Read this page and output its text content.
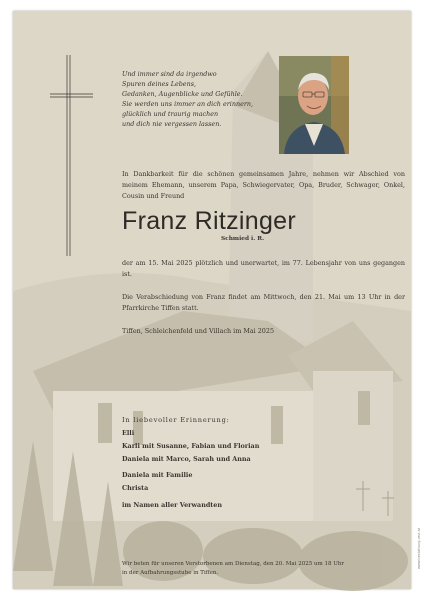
Und immer sind da irgendwo
Spuren deines Lebens,
Gedanken, Augenblicke und Gefühle.
Sie werden uns immer an dich erinnern,
glücklich und traurig machen
und dich nie vergessen lassen.
In Dankbarkeit für die schönen gemeinsamen Jahre, nehmen wir Abschied von meinem Ehemann, unserem Papa, Schwiegervater, Opa, Bruder, Schwager, Onkel, Cousin und Freund
Franz Ritzinger
Schmied i. R.
der am 15. Mai 2025 plötzlich und unerwartet, im 77. Lebensjahr von uns gegangen ist.
Die Verabschiedung von Franz findet am Mittwoch, den 21. Mai um 13 Uhr in der Pfarrkirche Tiffen statt.
Tiffen, Schleichenfeld und Villach im Mai 2025
In liebevoller Erinnerung:
Elli
Karli mit Susanne, Fabian und Florian
Daniela mit Marco, Sarah und Anna
Daniela mit Familie
Christa
im Namen aller Verwandten
Wir beten für unseren Verstorbenen am Dienstag, den 20. Mai 2025 um 18 Uhr
in der Aufbahrungsstube in Tiffen.
www.bestattung-rest.at
